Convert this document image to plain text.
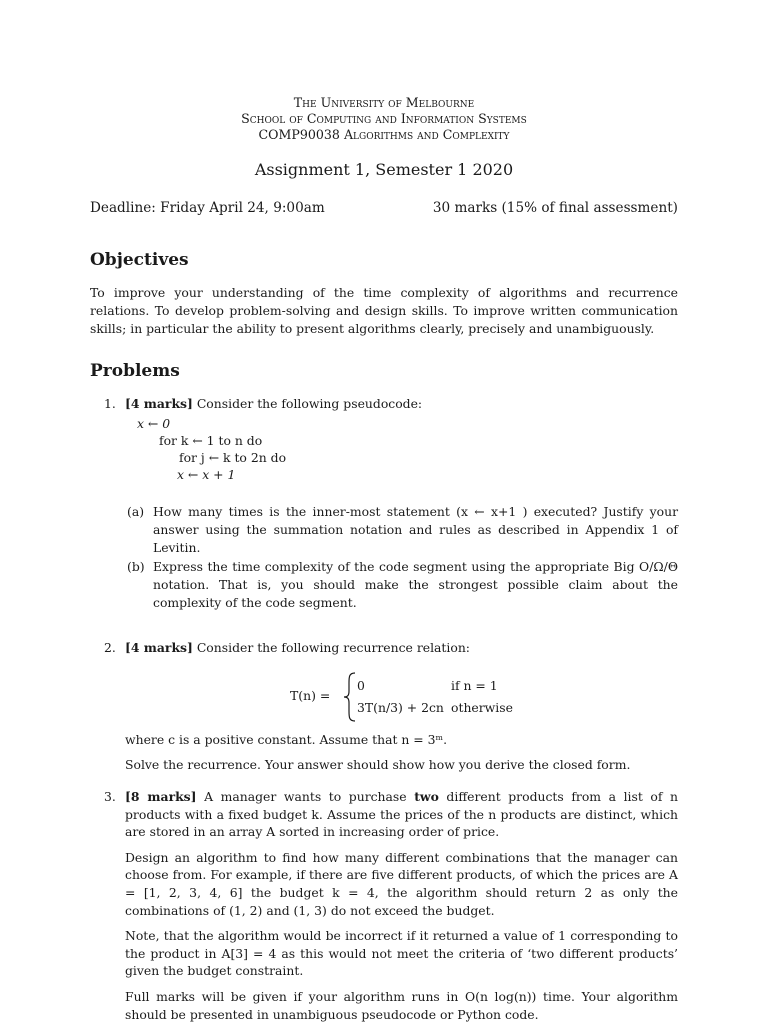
The University of Melbourne
School of Computing and Information Systems
COMP90038 Algorithms and Complexity
Assignment 1, Semester 1 2020
Deadline: Friday April 24, 9:00am	30 marks (15% of final assessment)
Objectives

To improve your understanding of the time complexity of algorithms and recurrence relations. To develop problem-solving and design skills. To improve written communication skills; in particular the ability to present algorithms clearly, precisely and unambiguously.

Problems
1. [4 marks] Consider the following pseudocode:
x ← 0
for k ← 1 to n do
for j ← k to 2n do
x ← x + 1
(a) How many times is the inner-most statement (x ← x+1 ) executed? Justify your answer using the summation notation and rules as described in Appendix 1 of Levitin.
(b) Express the time complexity of the code segment using the appropriate Big O/Ω/Θ notation. That is, you should make the strongest possible claim about the complexity of the code segment.
2. [4 marks] Consider the following recurrence relation:
T(n) =
0	if n = 1
3T(n/3) + 2cn otherwise

where c is a positive constant. Assume that n = 3ᵐ.

Solve the recurrence. Your answer should show how you derive the closed form.

3. [8 marks] A manager wants to purchase two different products from a list of n products with a fixed budget k. Assume the prices of the n products are distinct, which are stored in an array A sorted in increasing order of price.

Design an algorithm to find how many different combinations that the manager can choose from. For example, if there are five different products, of which the prices are A = [1, 2, 3, 4, 6] the budget k = 4, the algorithm should return 2 as only the combinations of (1, 2) and (1, 3) do not exceed the budget.

Note, that the algorithm would be incorrect if it returned a value of 1 corresponding to the product in A[3] = 4 as this would not meet the criteria of ‘two different products’ given the budget constraint.

Full marks will be given if your algorithm runs in O(n log(n)) time. Your algorithm should be presented in unambiguous pseudocode or Python code.
